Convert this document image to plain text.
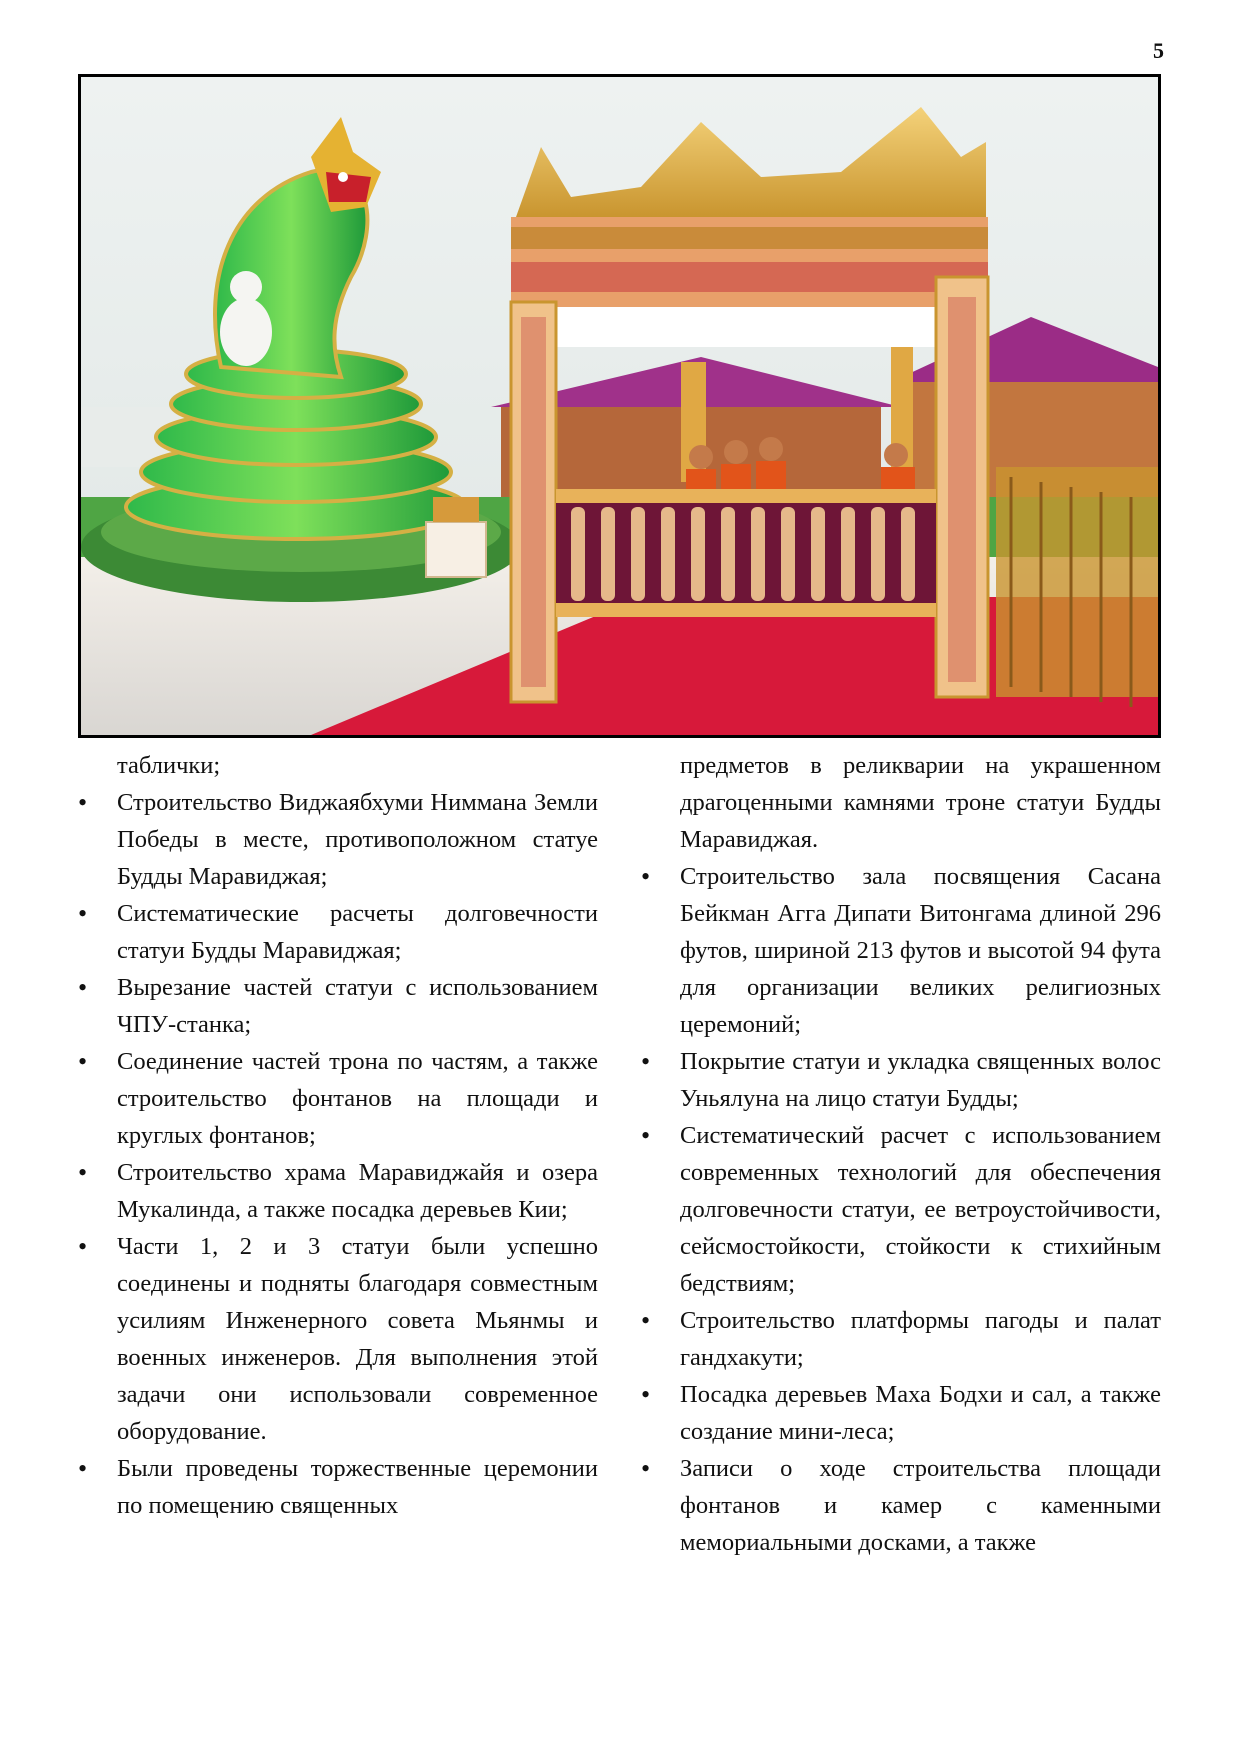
5
таблички;
• Строительство Виджаябхуми Ниммана Земли Победы в месте, противоположном статуе Будды Маравиджая;
• Систематические расчеты долговечности статуи Будды Маравиджая;
• Вырезание частей статуи с использованием ЧПУ-станка;
• Соединение частей трона по частям, а также строительство фонтанов на площади и круглых фонтанов;
• Строительство храма Маравиджайя и озера Мукалинда, а также посадка деревьев Кии;
• Части 1, 2 и 3 статуи были успешно соединены и подняты благодаря совместным усилиям Инженерного совета Мьянмы и военных инженеров. Для выполнения этой задачи они использовали современное оборудование.
• Были проведены торжественные церемонии по помещению священных
предметов в реликварии на украшенном драгоценными камнями троне статуи Будды Маравиджая.
• Строительство зала посвящения Сасана Бейкман Агга Дипати Витонгама длиной 296 футов, шириной 213 футов и высотой 94 фута для организации великих религиозных церемоний;
• Покрытие статуи и укладка священных волос Уньялуна на лицо статуи Будды;
• Систематический расчет с использованием современных технологий для обеспечения долговечности статуи, ее ветроустойчивости, сейсмостойкости, стойкости к стихийным бедствиям;
• Строительство платформы пагоды и палат гандхакути;
• Посадка деревьев Маха Бодхи и сал, а также создание мини-леса;
• Записи о ходе строительства площади фонтанов и камер с каменными мемориальными досками, а также
